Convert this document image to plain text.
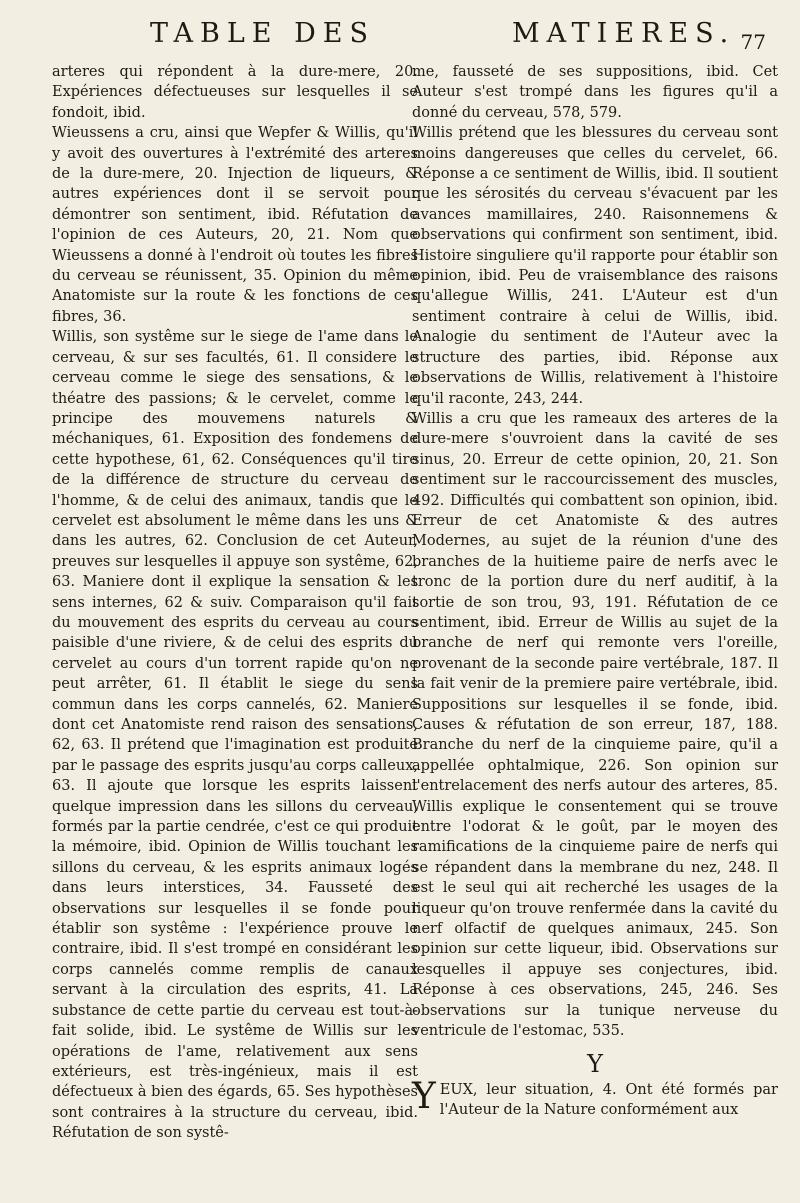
TABLE DES	MATIERES. 77

arteres qui répondent à la dure-mere, 20. Expériences défectueuses sur lesquelles il se fondoit, ibid.

Wieussens a cru, ainsi que Wepfer & Willis, qu'il y avoit des ouvertures à l'extrémité des arteres de la dure-mere, 20. Injection de liqueurs, & autres expériences dont il se servoit pour démontrer son sentiment, ibid. Réfutation de l'opinion de ces Auteurs, 20, 21. Nom que Wieussens a donné à l'endroit où toutes les fibres du cerveau se réunissent, 35. Opinion du même Anatomiste sur la route & les fonctions de ces fibres, 36.

Willis, son systême sur le siege de l'ame dans le cerveau, & sur ses facultés, 61. Il considere le cerveau comme le siege des sensations, & le théatre des passions; & le cervelet, comme le principe des mouvemens naturels & méchaniques, 61. Exposition des fondemens de cette hypothese, 61, 62. Conséquences qu'il tire de la différence de structure du cerveau de l'homme, & de celui des animaux, tandis que le cervelet est absolument le même dans les uns & dans les autres, 62. Conclusion de cet Auteur, preuves sur lesquelles il appuye son systême, 62, 63. Maniere dont il explique la sensation & les sens internes, 62 & suiv. Comparaison qu'il fait du mouvement des esprits du cerveau au cours paisible d'une riviere, & de celui des esprits du cervelet au cours d'un torrent rapide qu'on ne peut arrêter, 61. Il établit le siege du sens commun dans les corps cannelés, 62. Maniere dont cet Anatomiste rend raison des sensations, 62, 63. Il prétend que l'imagination est produite par le passage des esprits jusqu'au corps calleux, 63. Il ajoute que lorsque les esprits laissent quelque impression dans les sillons du cerveau, formés par la partie cendrée, c'est ce qui produit la mémoire, ibid. Opinion de Willis touchant les sillons du cerveau, & les esprits animaux logés dans leurs interstices, 34. Fausseté des observations sur lesquelles il se fonde pour établir son systême : l'expérience prouve le contraire, ibid. Il s'est trompé en considérant les corps cannelés comme remplis de canaux servant à la circulation des esprits, 41. La substance de cette partie du cerveau est tout-à-fait solide, ibid. Le systême de Willis sur les opérations de l'ame, relativement aux sens extérieurs, est très-ingénieux, mais il est défectueux à bien des égards, 65. Ses hypothèses sont contraires à la structure du cerveau, ibid. Réfutation de son systê-

me, fausseté de ses suppositions, ibid. Cet Auteur s'est trompé dans les figures qu'il a donné du cerveau, 578, 579.

Willis prétend que les blessures du cerveau sont moins dangereuses que celles du cervelet, 66. Réponse a ce sentiment de Willis, ibid. Il soutient que les sérosités du cerveau s'évacuent par les avances mamillaires, 240. Raisonnemens & observations qui confirment son sentiment, ibid. Histoire singuliere qu'il rapporte pour établir son opinion, ibid. Peu de vraisemblance des raisons qu'allegue Willis, 241. L'Auteur est d'un sentiment contraire à celui de Willis, ibid. Analogie du sentiment de l'Auteur avec la structure des parties, ibid. Réponse aux observations de Willis, relativement à l'histoire qu'il raconte, 243, 244.

Willis a cru que les rameaux des arteres de la dure-mere s'ouvroient dans la cavité de ses sinus, 20. Erreur de cette opinion, 20, 21. Son sentiment sur le raccourcissement des muscles, 492. Difficultés qui combattent son opinion, ibid. Erreur de cet Anatomiste & des autres Modernes, au sujet de la réunion d'une des branches de la huitieme paire de nerfs avec le tronc de la portion dure du nerf auditif, à la sortie de son trou, 93, 191. Réfutation de ce sentiment, ibid. Erreur de Willis au sujet de la branche de nerf qui remonte vers l'oreille, provenant de la seconde paire vertébrale, 187. Il la fait venir de la premiere paire vertébrale, ibid. Suppositions sur lesquelles il se fonde, ibid. Causes & réfutation de son erreur, 187, 188. Branche du nerf de la cinquieme paire, qu'il a appellée ophtalmique, 226. Son opinion sur l'entrelacement des nerfs autour des arteres, 85. Willis explique le consentement qui se trouve entre l'odorat & le goût, par le moyen des ramifications de la cinquieme paire de nerfs qui se répandent dans la membrane du nez, 248. Il est le seul qui ait recherché les usages de la liqueur qu'on trouve renfermée dans la cavité du nerf olfactif de quelques animaux, 245. Son opinion sur cette liqueur, ibid. Observations sur lesquelles il appuye ses conjectures, ibid. Réponse à ces observations, 245, 246. Ses observations sur la tunique nerveuse du ventricule de l'estomac, 535.

Y

YEUX, leur situation, 4. Ont été formés par l'Auteur de la Nature conformément aux
